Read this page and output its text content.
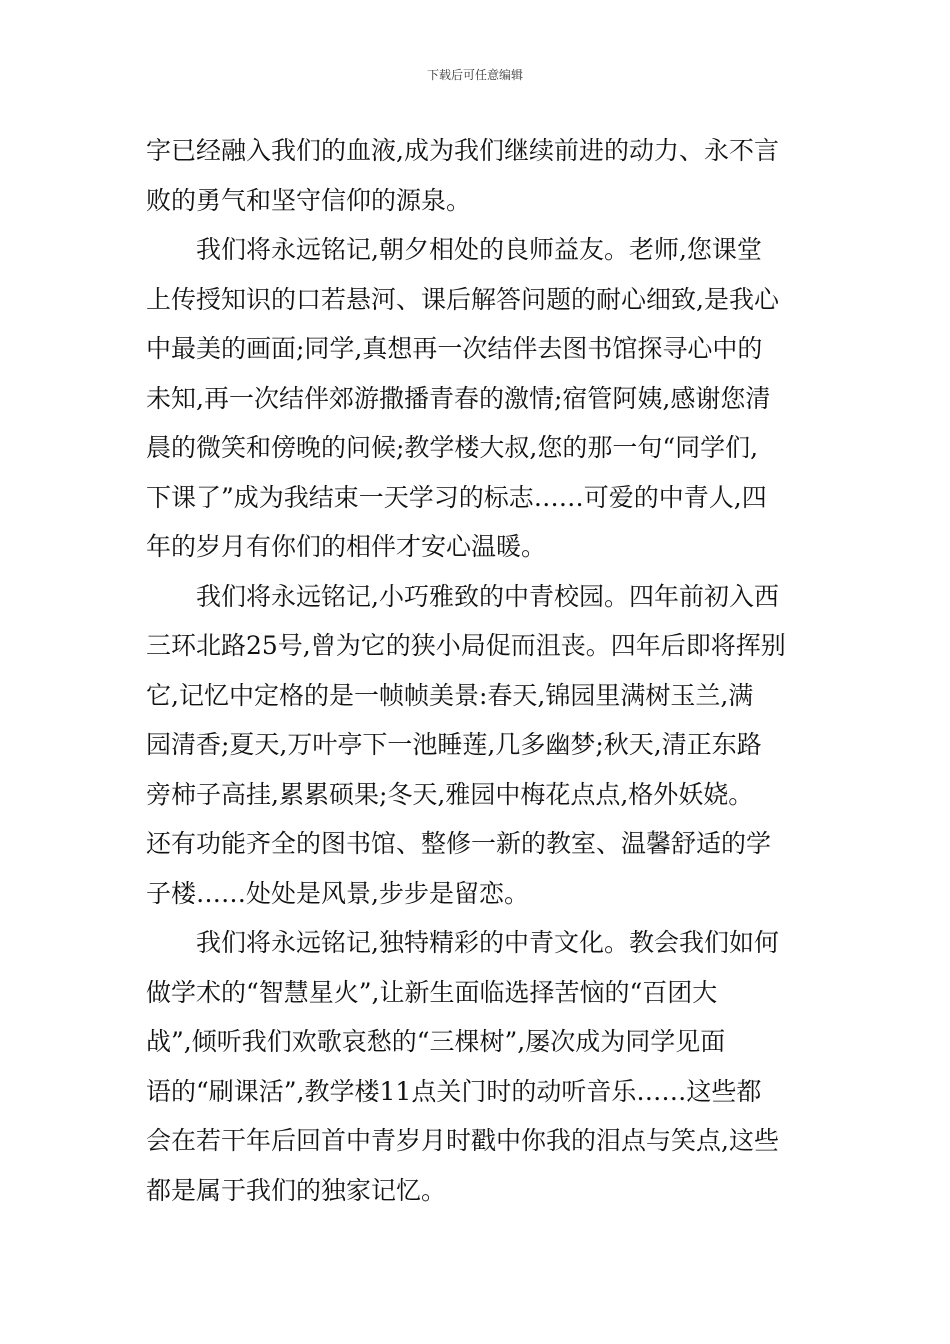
下载后可任意编辑
字已经融入我们的血液,成为我们继续前进的动力、永不言
败的勇气和坚守信仰的源泉。
我们将永远铭记,朝夕相处的良师益友。老师,您课堂
上传授知识的口若悬河、课后解答问题的耐心细致,是我心
中最美的画面;同学,真想再一次结伴去图书馆探寻心中的
未知,再一次结伴郊游撒播青春的激情;宿管阿姨,感谢您清
晨的微笑和傍晚的问候;教学楼大叔,您的那一句“同学们,
下课了”成为我结束一天学习的标志……可爱的中青人,四
年的岁月有你们的相伴才安心温暖。
我们将永远铭记,小巧雅致的中青校园。四年前初入西
三环北路25号,曾为它的狭小局促而沮丧。四年后即将挥别
它,记忆中定格的是一帧帧美景:春天,锦园里满树玉兰,满
园清香;夏天,万叶亭下一池睡莲,几多幽梦;秋天,清正东路
旁柿子高挂,累累硕果;冬天,雅园中梅花点点,格外妖娆。
还有功能齐全的图书馆、整修一新的教室、温馨舒适的学
子楼……处处是风景,步步是留恋。
我们将永远铭记,独特精彩的中青文化。教会我们如何
做学术的“智慧星火”,让新生面临选择苦恼的“百团大
战”,倾听我们欢歌哀愁的“三棵树”,屡次成为同学见面
语的“刷课活”,教学楼11点关门时的动听音乐……这些都
会在若干年后回首中青岁月时戳中你我的泪点与笑点,这些
都是属于我们的独家记忆。
